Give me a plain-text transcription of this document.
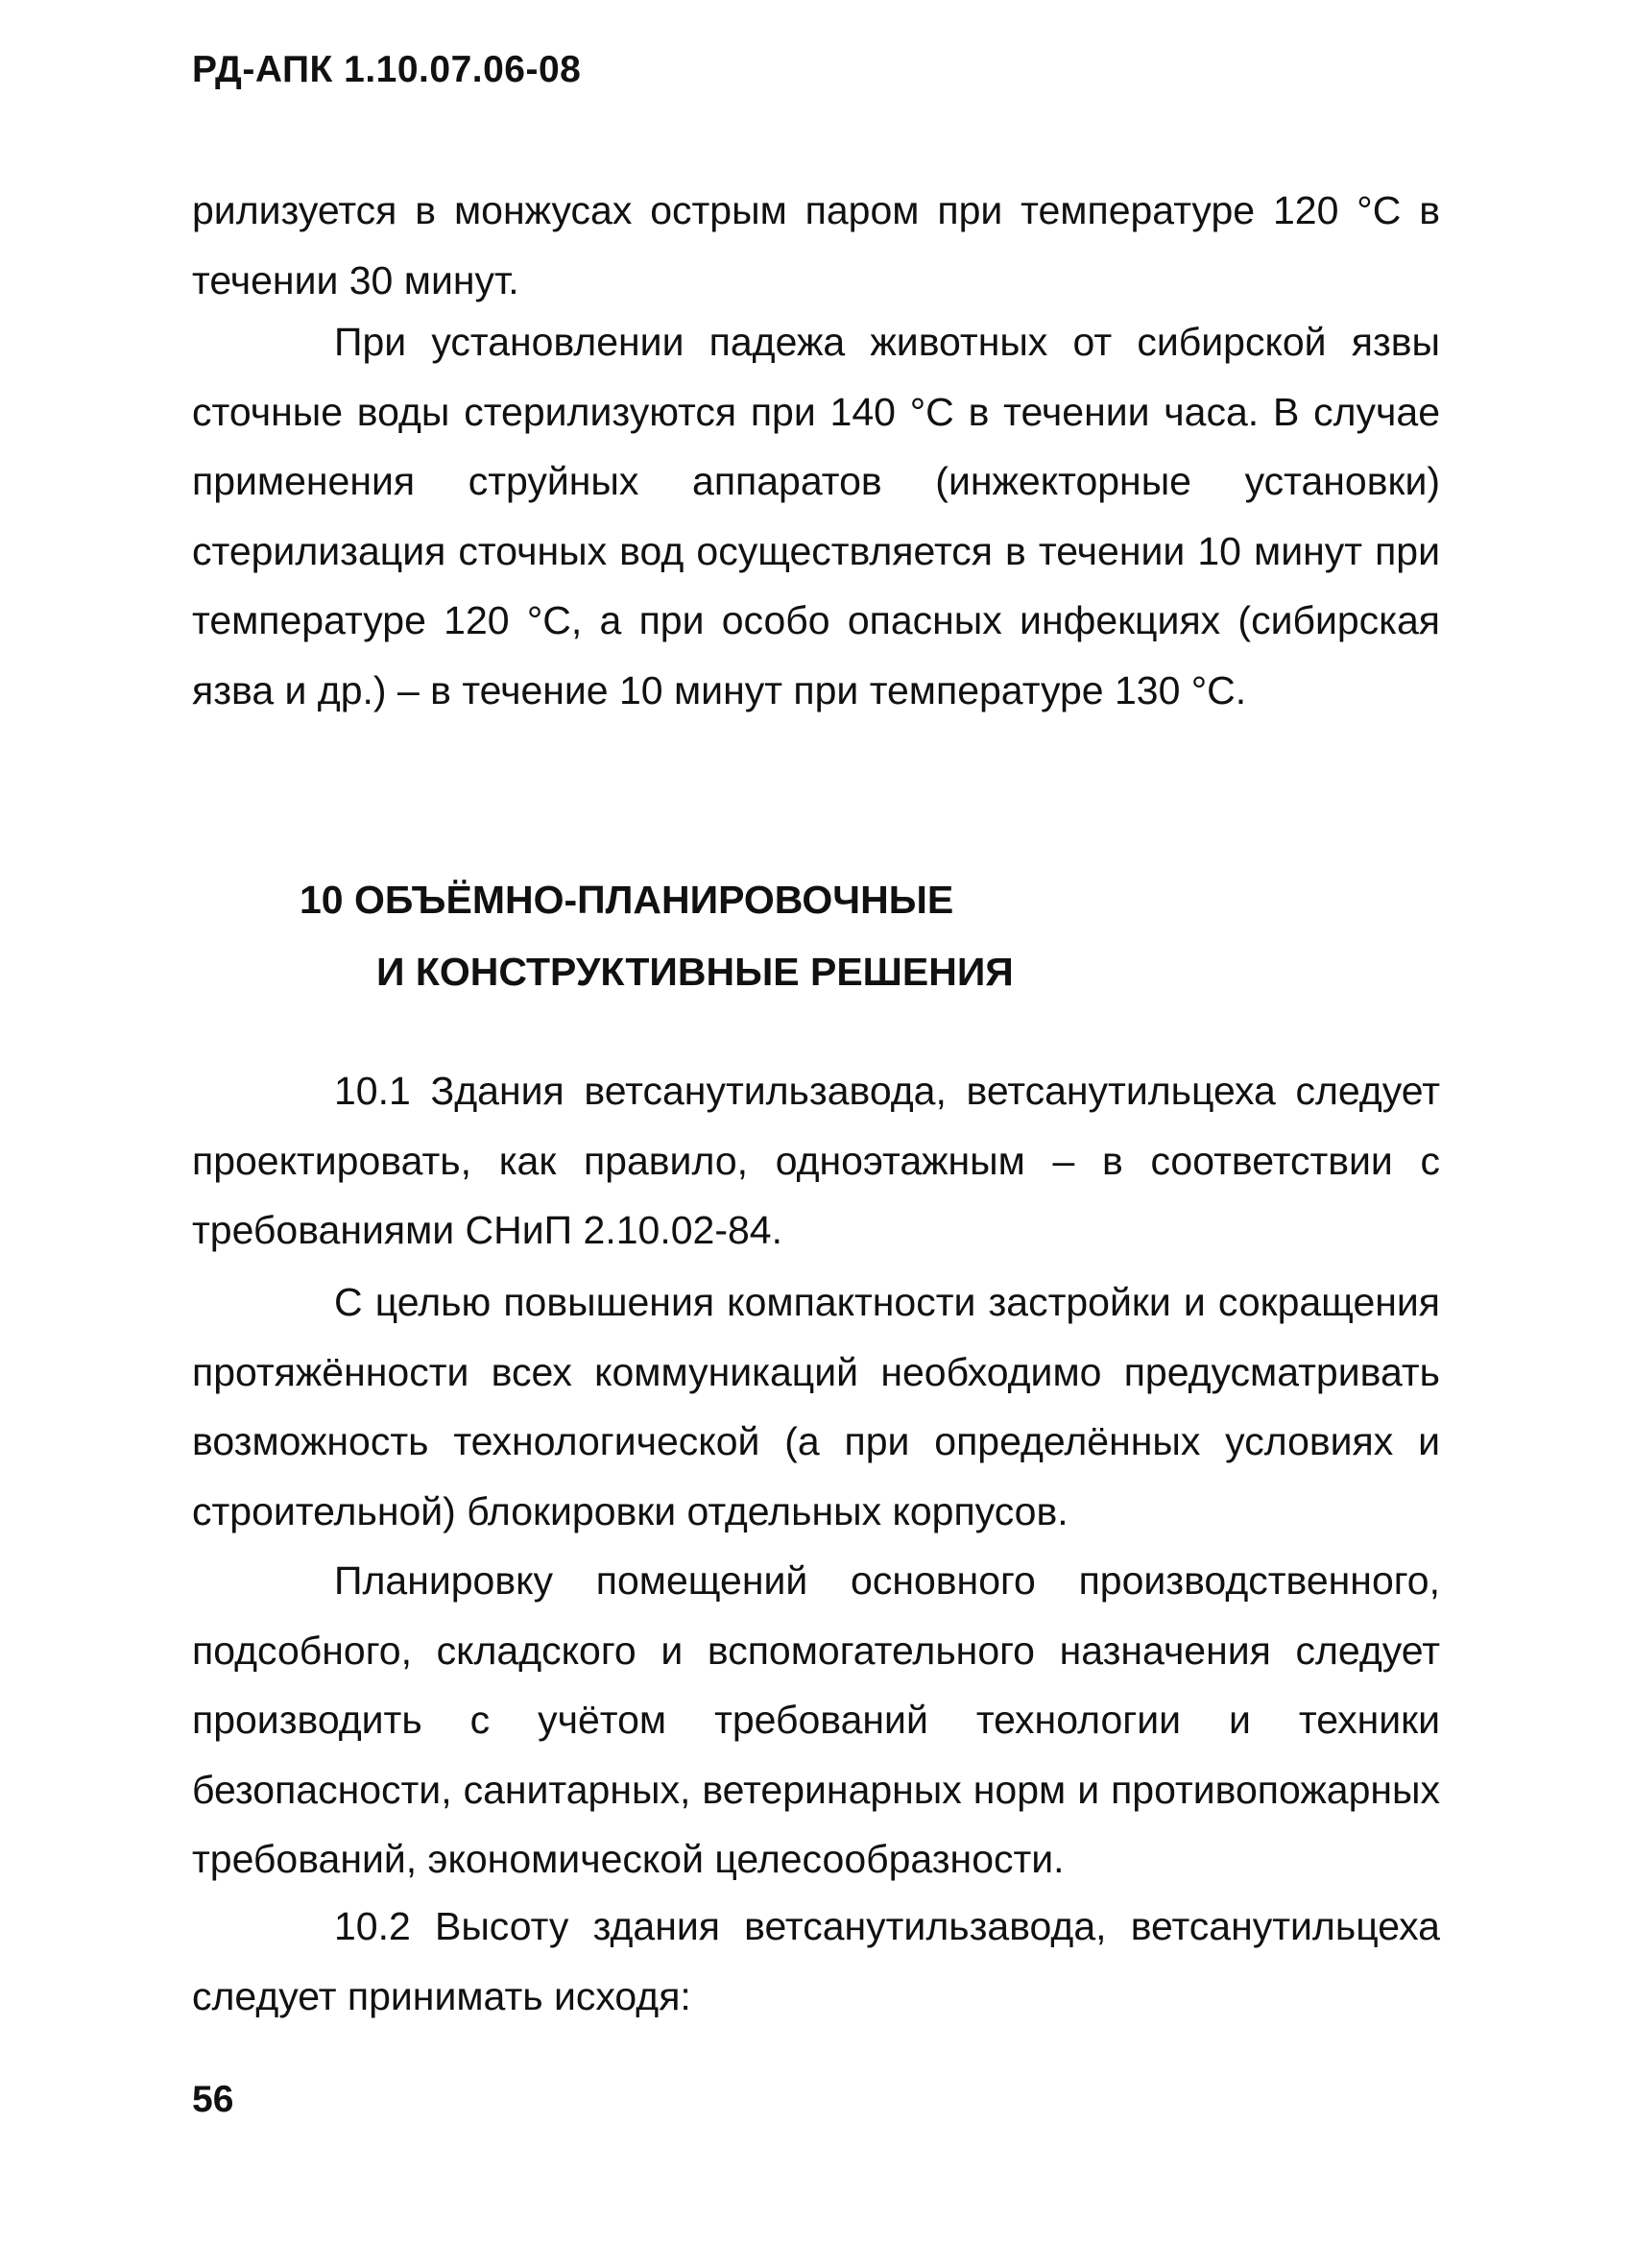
РД-АПК 1.10.07.06-08

рилизуется в монжусах острым паром при температуре 120 °С в течении 30 минут.

При установлении падежа животных от сибирской язвы сточные воды стерилизуются при 140 °С в течении часа. В случае применения струйных аппаратов (инжекторные установки) стерилизация сточных вод осуществляется в течении 10 минут при температуре 120 °С, а при особо опасных инфекциях (сибирская язва и др.) – в течение 10 минут при температуре 130 °С.

10 ОБЪЁМНО-ПЛАНИРОВОЧНЫЕ
И КОНСТРУКТИВНЫЕ РЕШЕНИЯ

10.1 Здания ветсанутильзавода, ветсанутильцеха следует проектировать, как правило, одноэтажным – в соответствии с требованиями СНиП 2.10.02-84.

С целью повышения компактности застройки и сокращения протяжённости всех коммуникаций необходимо предусматривать возможность технологической (а при определённых условиях и строительной) блокировки отдельных корпусов.

Планировку помещений основного производственного, подсобного, складского и вспомогательного назначения следует производить с учётом требований технологии и техники безопасности, санитарных, ветеринарных норм и противопожарных требований, экономической целесообразности.

10.2 Высоту здания ветсанутильзавода, ветсанутильцеха следует принимать исходя:

56
